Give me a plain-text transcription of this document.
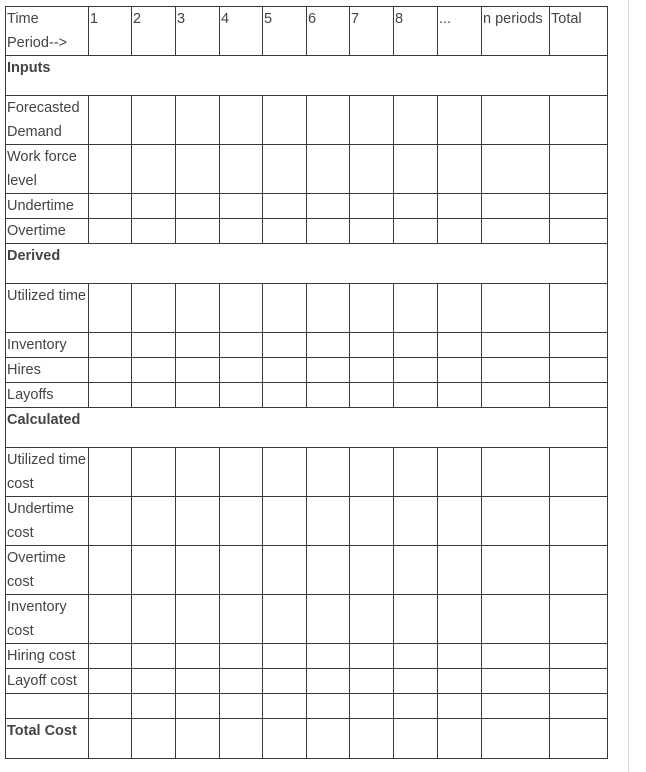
Time Period-->	1	2	3	4	5	6	7	8	...	n periods	Total
Inputs											
Forecasted Demand											
Work force level											
Undertime											
Overtime											
Derived											
Utilized time											
Inventory											
Hires											
Layoffs											
Calculated											
Utilized time cost											
Undertime cost											
Overtime cost											
Inventory cost											
Hiring cost											
Layoff cost											

Total Cost											
